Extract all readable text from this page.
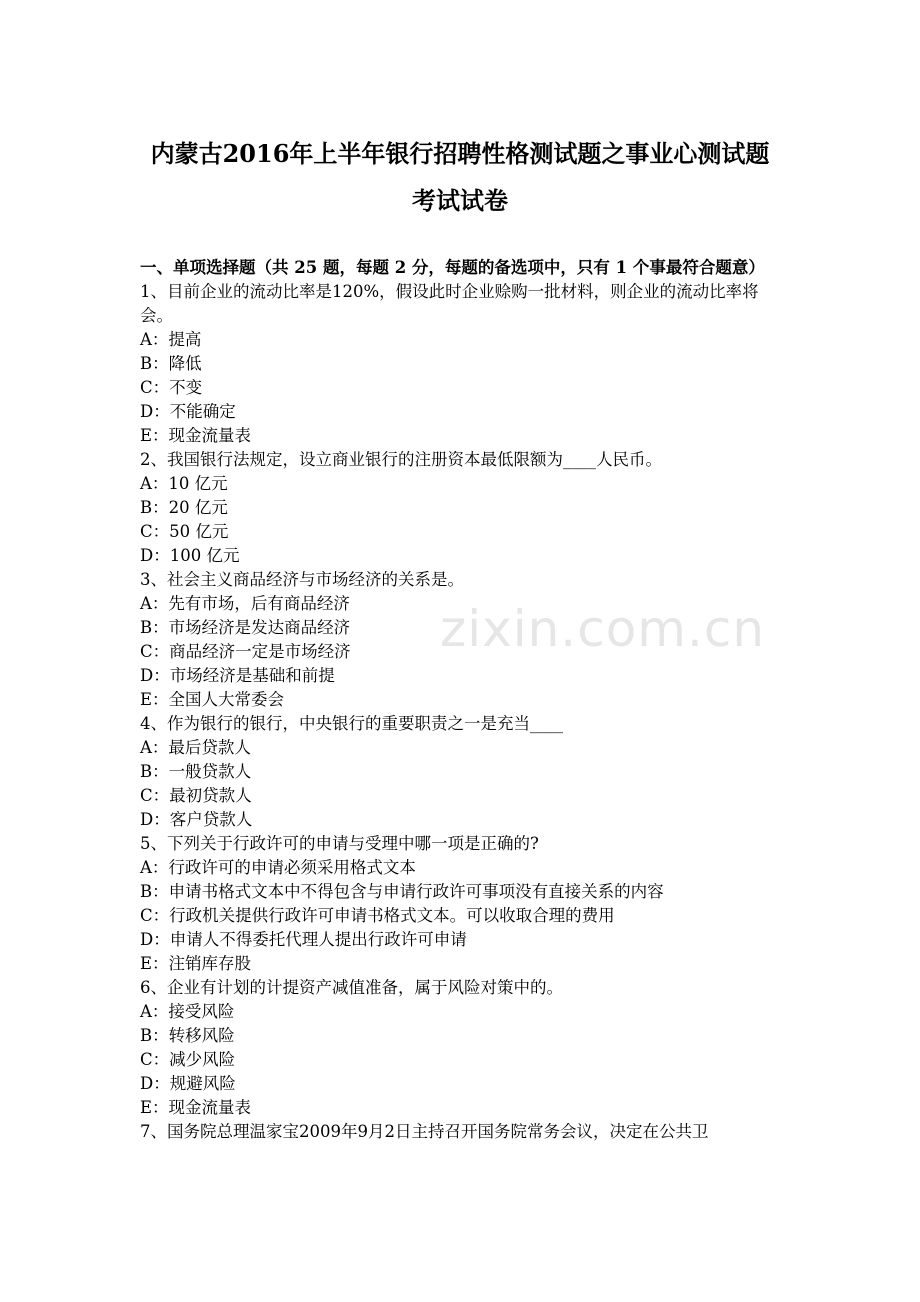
内蒙古2016年上半年银行招聘性格测试题之事业心测试题
考试试卷
zixin.com.cn

一、单项选择题（共 25 题，每题 2 分，每题的备选项中，只有 1 个事最符合题意）

1、目前企业的流动比率是120%，假设此时企业赊购一批材料，则企业的流动比率将会。

A：提高

B：降低

C：不变

D：不能确定

E：现金流量表

2、我国银行法规定，设立商业银行的注册资本最低限额为____人民币。

A：10 亿元

B：20 亿元

C：50 亿元

D：100 亿元

3、社会主义商品经济与市场经济的关系是。

A：先有市场，后有商品经济

B：市场经济是发达商品经济

C：商品经济一定是市场经济

D：市场经济是基础和前提

E：全国人大常委会

4、作为银行的银行，中央银行的重要职责之一是充当____

A：最后贷款人

B：一般贷款人

C：最初贷款人

D：客户贷款人

5、下列关于行政许可的申请与受理中哪一项是正确的?

A：行政许可的申请必须采用格式文本

B：申请书格式文本中不得包含与申请行政许可事项没有直接关系的内容

C：行政机关提供行政许可申请书格式文本。可以收取合理的费用

D：申请人不得委托代理人提出行政许可申请

E：注销库存股

6、企业有计划的计提资产减值准备，属于风险对策中的。

A：接受风险

B：转移风险

C：减少风险

D：规避风险

E：现金流量表

7、国务院总理温家宝2009年9月2日主持召开国务院常务会议，决定在公共卫
